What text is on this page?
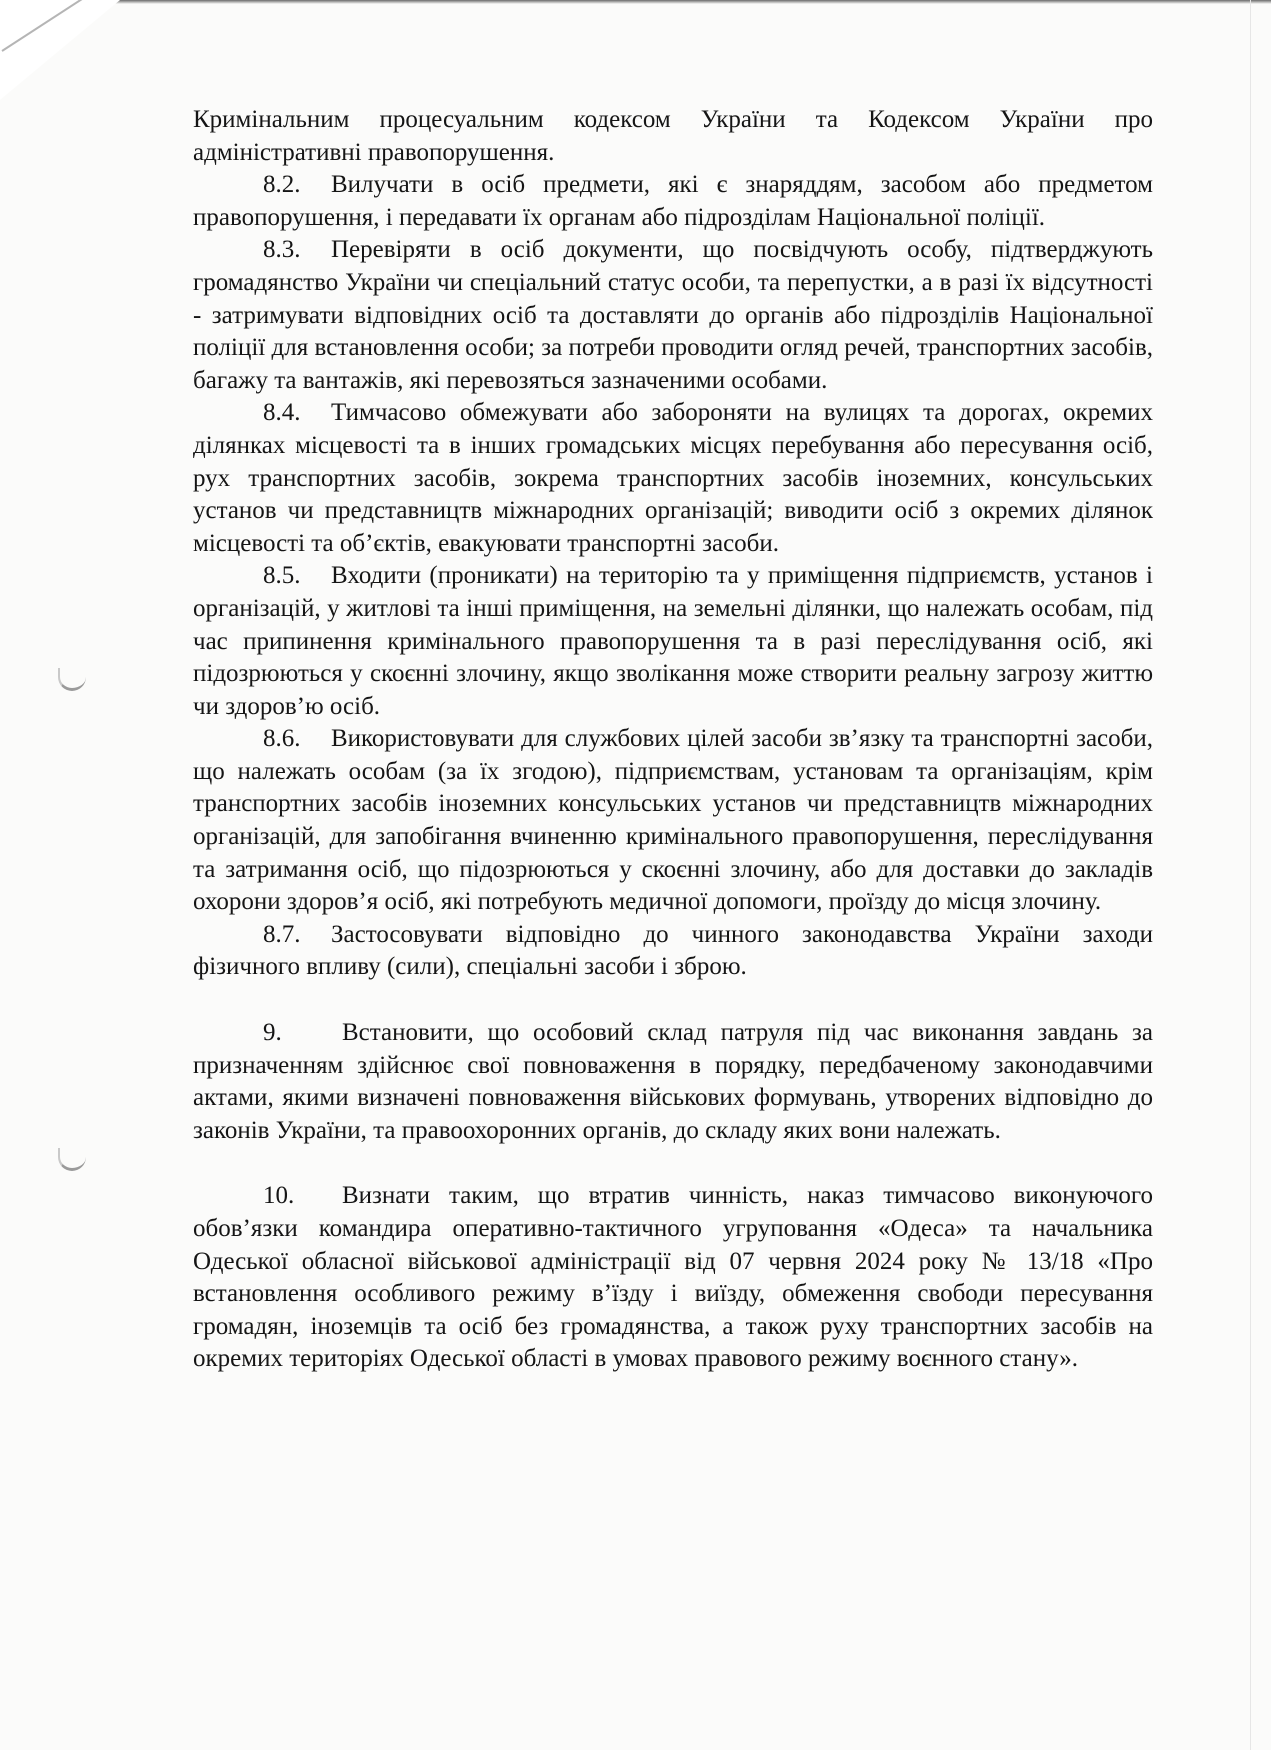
Кримінальним процесуальним кодексом України та Кодексом України про адміністративні правопорушення.

8.2. Вилучати в осіб предмети, які є знаряддям, засобом або предметом правопорушення, і передавати їх органам або підрозділам Національної поліції.

8.3. Перевіряти в осіб документи, що посвідчують особу, підтверджують громадянство України чи спеціальний статус особи, та перепустки, а в разі їх відсутності - затримувати відповідних осіб та доставляти до органів або підрозділів Національної поліції для встановлення особи; за потреби проводити огляд речей, транспортних засобів, багажу та вантажів, які перевозяться зазначеними особами.

8.4. Тимчасово обмежувати або забороняти на вулицях та дорогах, окремих ділянках місцевості та в інших громадських місцях перебування або пересування осіб, рух транспортних засобів, зокрема транспортних засобів іноземних, консульських установ чи представництв міжнародних організацій; виводити осіб з окремих ділянок місцевості та об’єктів, евакуювати транспортні засоби.

8.5. Входити (проникати) на територію та у приміщення підприємств, установ і організацій, у житлові та інші приміщення, на земельні ділянки, що належать особам, під час припинення кримінального правопорушення та в разі переслідування осіб, які підозрюються у скоєнні злочину, якщо зволікання може створити реальну загрозу життю чи здоров’ю осіб.

8.6. Використовувати для службових цілей засоби зв’язку та транспортні засоби, що належать особам (за їх згодою), підприємствам, установам та організаціям, крім транспортних засобів іноземних консульських установ чи представництв міжнародних організацій, для запобігання вчиненню кримінального правопорушення, переслідування та затримання осіб, що підозрюються у скоєнні злочину, або для доставки до закладів охорони здоров’я осіб, які потребують медичної допомоги, проїзду до місця злочину.

8.7. Застосовувати відповідно до чинного законодавства України заходи фізичного впливу (сили), спеціальні засоби і зброю.

9. Встановити, що особовий склад патруля під час виконання завдань за призначенням здійснює свої повноваження в порядку, передбаченому законодавчими актами, якими визначені повноваження військових формувань, утворених відповідно до законів України, та правоохоронних органів, до складу яких вони належать.

10. Визнати таким, що втратив чинність, наказ тимчасово виконуючого обов’язки командира оперативно-тактичного угруповання «Одеса» та начальника Одеської обласної військової адміністрації від 07 червня 2024 року № 13/18 «Про встановлення особливого режиму в’їзду і виїзду, обмеження свободи пересування громадян, іноземців та осіб без громадянства, а також руху транспортних засобів на окремих територіях Одеської області в умовах правового режиму воєнного стану».
